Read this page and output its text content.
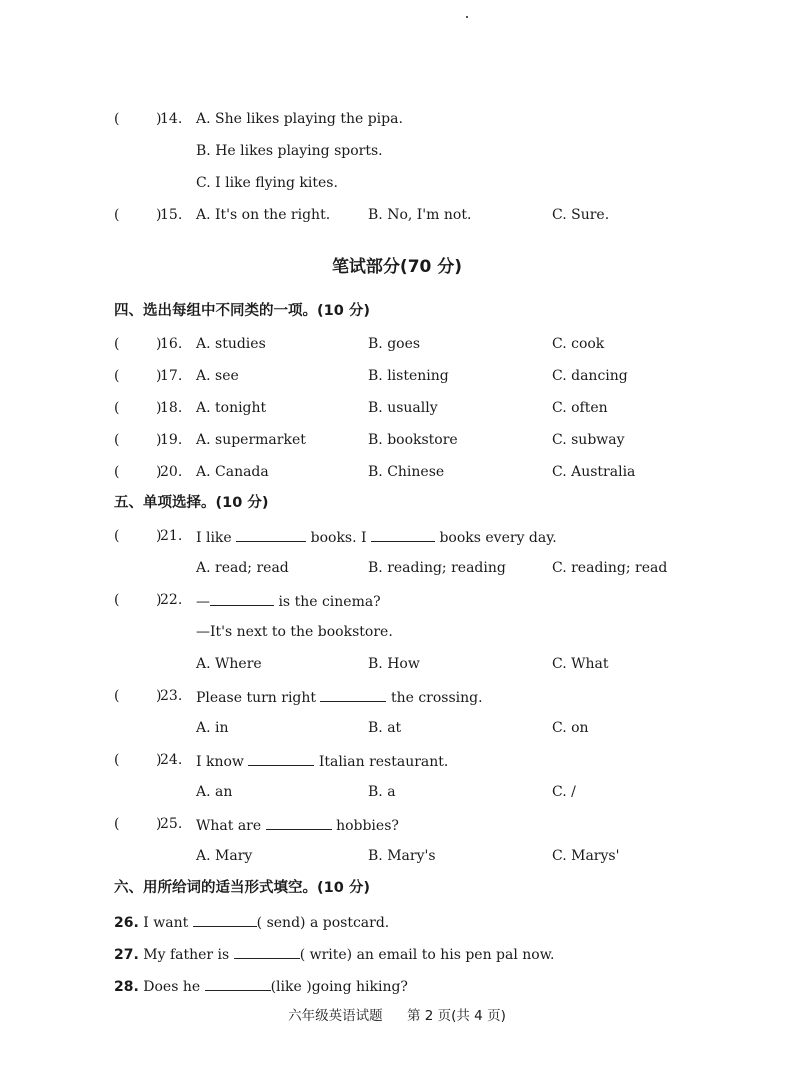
(	)
14. A. She likes playing the pipa.
B. He likes playing sports.
C. I like flying kites.
(	)
15. A. It's on the right.	B. No, I'm not.	C. Sure.
笔试部分(70 分)
四、选出每组中不同类的一项。(10 分)
(	)
16. A. studies	B. goes	C. cook
(	)
17. A. see	B. listening	C. dancing
(	)
18. A. tonight	B. usually	C. often
(	)
19. A. supermarket	B. bookstore	C. subway
(	)
20. A. Canada	B. Chinese	C. Australia
五、单项选择。(10 分)
(	)
21. I like	books. I	books every day.
A. read; read	B. reading; reading	C. reading; read
(	)
22. —	is the cinema?
—It's next to the bookstore.
A. Where	B. How	C. What
(	)
23. Please turn right	the crossing.
A. in	B. at	C. on
(	)
24. I know	Italian restaurant.
A. an	B. a	C. /
(	)
25. What are	hobbies?
A. Mary	B. Mary's	C. Marys'
六、用所给词的适当形式填空。(10 分)
26. I want	( send) a postcard.
27. My father is	( write) an email to his pen pal now.
28. Does he	(like )going hiking?
六年级英语试题 第 2 页(共 4 页)
